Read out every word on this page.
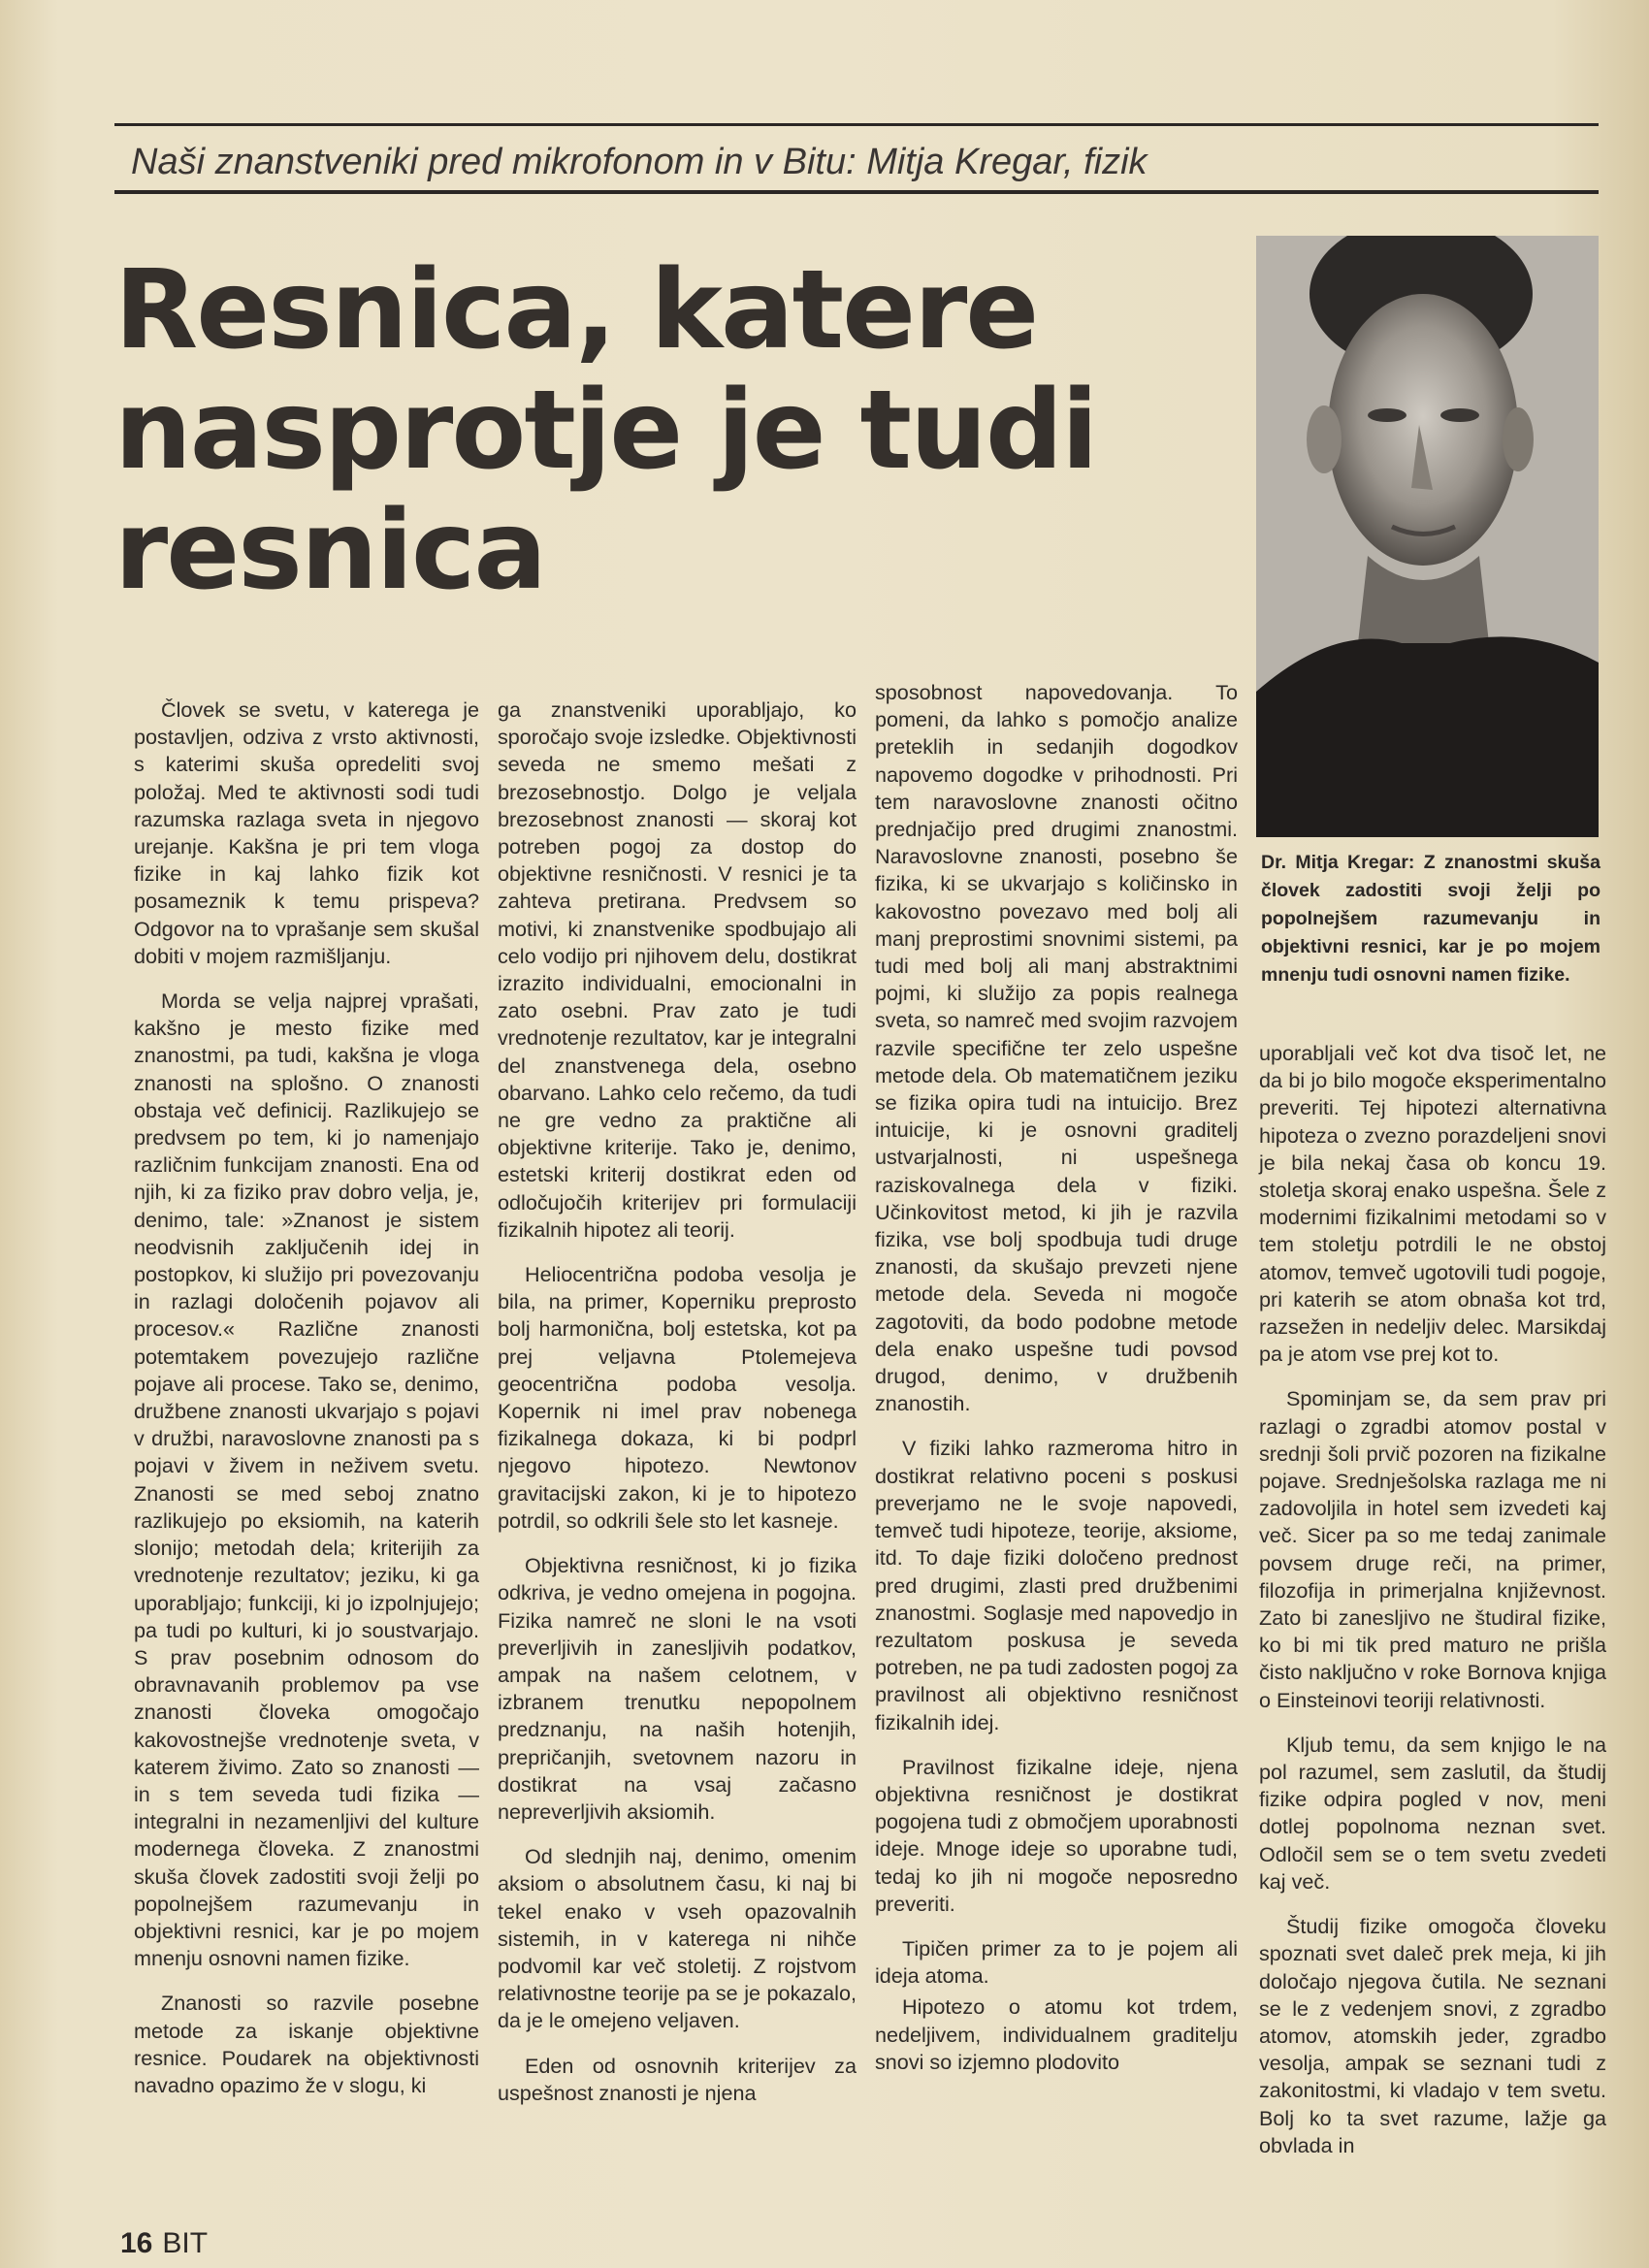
Naši znanstveniki pred mikrofonom in v Bitu: Mitja Kregar, fizik
Resnica, katere
nasprotje je tudi
resnica
Dr. Mitja Kregar: Z znanostmi skuša človek zadostiti svoji želji po popolnejšem razumevanju in objektivni resnici, kar je po mojem mnenju tudi osnovni namen fizike.

Človek se svetu, v katerega je postavljen, odziva z vrsto aktivnosti, s katerimi skuša opredeliti svoj položaj. Med te aktivnosti sodi tudi razumska razlaga sveta in njegovo urejanje. Kakšna je pri tem vloga fizike in kaj lahko fizik kot posameznik k temu prispeva? Odgovor na to vprašanje sem skušal dobiti v mojem razmišljanju.

Morda se velja najprej vprašati, kakšno je mesto fizike med znanostmi, pa tudi, kakšna je vloga znanosti na splošno. O znanosti obstaja več definicij. Razlikujejo se predvsem po tem, ki jo namenjajo različnim funkcijam znanosti. Ena od njih, ki za fiziko prav dobro velja, je, denimo, tale: »Znanost je sistem neodvisnih zaključenih idej in postopkov, ki služijo pri povezovanju in razlagi določenih pojavov ali procesov.« Različne znanosti potemtakem povezujejo različne pojave ali procese. Tako se, denimo, družbene znanosti ukvarjajo s pojavi v družbi, naravoslovne znanosti pa s pojavi v živem in neživem svetu. Znanosti se med seboj znatno razlikujejo po eksiomih, na katerih slonijo; metodah dela; kriterijih za vrednotenje rezultatov; jeziku, ki ga uporabljajo; funkciji, ki jo izpolnjujejo; pa tudi po kulturi, ki jo soustvarjajo. S prav posebnim odnosom do obravnavanih problemov pa vse znanosti človeka omogočajo kakovostnejše vrednotenje sveta, v katerem živimo. Zato so znanosti — in s tem seveda tudi fizika — integralni in nezamenljivi del kulture modernega človeka. Z znanostmi skuša človek zadostiti svoji želji po popolnejšem razumevanju in objektivni resnici, kar je po mojem mnenju osnovni namen fizike.

Znanosti so razvile posebne metode za iskanje objektivne resnice. Poudarek na objektivnosti navadno opazimo že v slogu, ki

ga znanstveniki uporabljajo, ko sporočajo svoje izsledke. Objektivnosti seveda ne smemo mešati z brezosebnostjo. Dolgo je veljala brezosebnost znanosti — skoraj kot potreben pogoj za dostop do objektivne resničnosti. V resnici je ta zahteva pretirana. Predvsem so motivi, ki znanstvenike spodbujajo ali celo vodijo pri njihovem delu, dostikrat izrazito individualni, emocionalni in zato osebni. Prav zato je tudi vrednotenje rezultatov, kar je integralni del znanstvenega dela, osebno obarvano. Lahko celo rečemo, da tudi ne gre vedno za praktične ali objektivne kriterije. Tako je, denimo, estetski kriterij dostikrat eden od odločujočih kriterijev pri formulaciji fizikalnih hipotez ali teorij.

Heliocentrična podoba vesolja je bila, na primer, Koperniku preprosto bolj harmonična, bolj estetska, kot pa prej veljavna Ptolemejeva geocentrična podoba vesolja. Kopernik ni imel prav nobenega fizikalnega dokaza, ki bi podprl njegovo hipotezo. Newtonov gravitacijski zakon, ki je to hipotezo potrdil, so odkrili šele sto let kasneje.

Objektivna resničnost, ki jo fizika odkriva, je vedno omejena in pogojna. Fizika namreč ne sloni le na vsoti preverljivih in zanesljivih podatkov, ampak na našem celotnem, v izbranem trenutku nepopolnem predznanju, na naših hotenjih, prepričanjih, svetovnem nazoru in dostikrat na vsaj začasno nepreverljivih aksiomih.

Od slednjih naj, denimo, omenim aksiom o absolutnem času, ki naj bi tekel enako v vseh opazovalnih sistemih, in v katerega ni nihče podvomil kar več stoletij. Z rojstvom relativnostne teorije pa se je pokazalo, da je le omejeno veljaven.

Eden od osnovnih kriterijev za uspešnost znanosti je njena

sposobnost napovedovanja. To pomeni, da lahko s pomočjo analize preteklih in sedanjih dogodkov napovemo dogodke v prihodnosti. Pri tem naravoslovne znanosti očitno prednjačijo pred drugimi znanostmi. Naravoslovne znanosti, posebno še fizika, ki se ukvarjajo s količinsko in kakovostno povezavo med bolj ali manj preprostimi snovnimi sistemi, pa tudi med bolj ali manj abstraktnimi pojmi, ki služijo za popis realnega sveta, so namreč med svojim razvojem razvile specifične ter zelo uspešne metode dela. Ob matematičnem jeziku se fizika opira tudi na intuicijo. Brez intuicije, ki je osnovni graditelj ustvarjalnosti, ni uspešnega raziskovalnega dela v fiziki. Učinkovitost metod, ki jih je razvila fizika, vse bolj spodbuja tudi druge znanosti, da skušajo prevzeti njene metode dela. Seveda ni mogoče zagotoviti, da bodo podobne metode dela enako uspešne tudi povsod drugod, denimo, v družbenih znanostih.

V fiziki lahko razmeroma hitro in dostikrat relativno poceni s poskusi preverjamo ne le svoje napovedi, temveč tudi hipoteze, teorije, aksiome, itd. To daje fiziki določeno prednost pred drugimi, zlasti pred družbenimi znanostmi. Soglasje med napovedjo in rezultatom poskusa je seveda potreben, ne pa tudi zadosten pogoj za pravilnost ali objektivno resničnost fizikalnih idej.

Pravilnost fizikalne ideje, njena objektivna resničnost je dostikrat pogojena tudi z območjem uporabnosti ideje. Mnoge ideje so uporabne tudi, tedaj ko jih ni mogoče neposredno preveriti.

Tipičen primer za to je pojem ali ideja atoma.

Hipotezo o atomu kot trdem, nedeljivem, individualnem graditelju snovi so izjemno plodovito

uporabljali več kot dva tisoč let, ne da bi jo bilo mogoče eksperimentalno preveriti. Tej hipotezi alternativna hipoteza o zvezno porazdeljeni snovi je bila nekaj časa ob koncu 19. stoletja skoraj enako uspešna. Šele z modernimi fizikalnimi metodami so v tem stoletju potrdili le ne obstoj atomov, temveč ugotovili tudi pogoje, pri katerih se atom obnaša kot trd, razsežen in nedeljiv delec. Marsikdaj pa je atom vse prej kot to.

Spominjam se, da sem prav pri razlagi o zgradbi atomov postal v srednji šoli prvič pozoren na fizikalne pojave. Srednješolska razlaga me ni zadovoljila in hotel sem izvedeti kaj več. Sicer pa so me tedaj zanimale povsem druge reči, na primer, filozofija in primerjalna književnost. Zato bi zanesljivo ne študiral fizike, ko bi mi tik pred maturo ne prišla čisto naključno v roke Bornova knjiga o Einsteinovi teoriji relativnosti.

Kljub temu, da sem knjigo le na pol razumel, sem zaslutil, da študij fizike odpira pogled v nov, meni dotlej popolnoma neznan svet. Odločil sem se o tem svetu zvedeti kaj več.

Študij fizike omogoča človeku spoznati svet daleč prek meja, ki jih določajo njegova čutila. Ne seznani se le z vedenjem snovi, z zgradbo atomov, atomskih jeder, zgradbo vesolja, ampak se seznani tudi z zakonitostmi, ki vladajo v tem svetu. Bolj ko ta svet razume, lažje ga obvlada in

16 BIT
